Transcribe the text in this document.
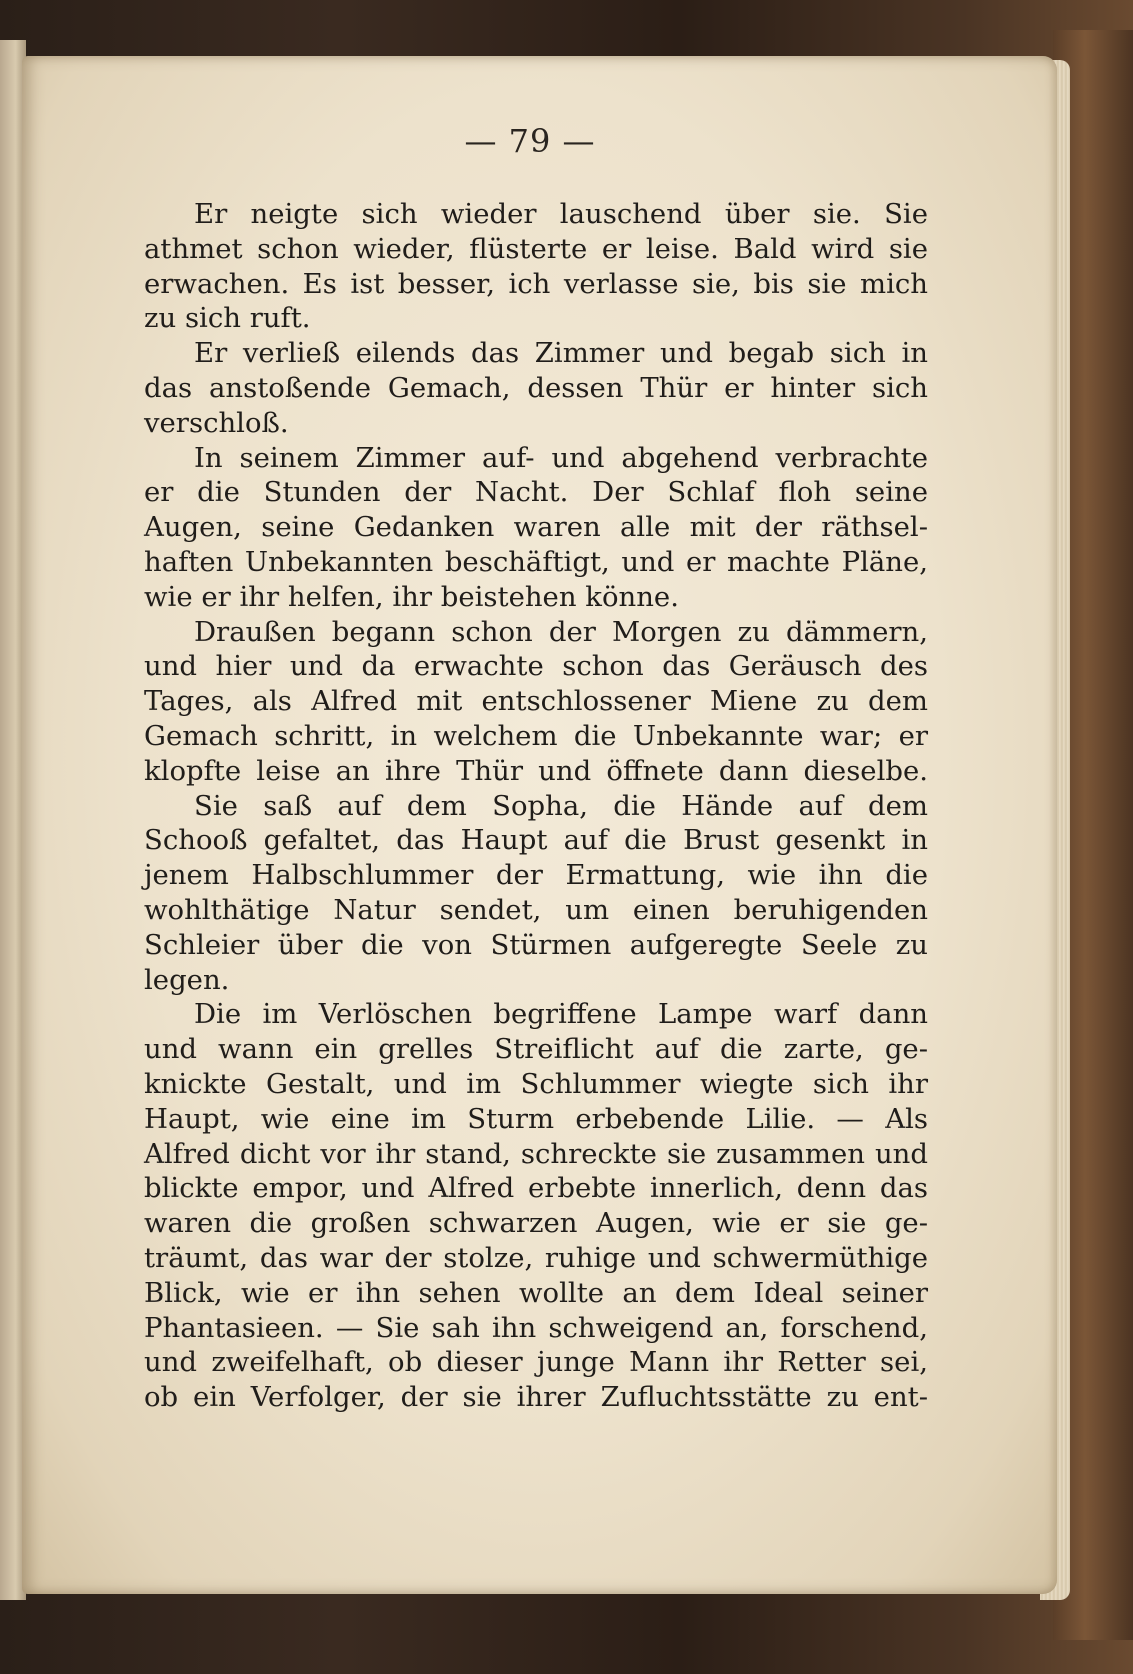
— 79 —
Er neigte sich wieder lauschend über sie. Sie
athmet schon wieder, flüsterte er leise. Bald wird sie
erwachen. Es ist besser, ich verlasse sie, bis sie mich
zu sich ruft.
Er verließ eilends das Zimmer und begab sich in
das anstoßende Gemach, dessen Thür er hinter sich
verschloß.
In seinem Zimmer auf- und abgehend verbrachte
er die Stunden der Nacht. Der Schlaf floh seine
Augen, seine Gedanken waren alle mit der räthsel-
haften Unbekannten beschäftigt, und er machte Pläne,
wie er ihr helfen, ihr beistehen könne.
Draußen begann schon der Morgen zu dämmern,
und hier und da erwachte schon das Geräusch des
Tages, als Alfred mit entschlossener Miene zu dem
Gemach schritt, in welchem die Unbekannte war; er
klopfte leise an ihre Thür und öffnete dann dieselbe.
Sie saß auf dem Sopha, die Hände auf dem
Schooß gefaltet, das Haupt auf die Brust gesenkt in
jenem Halbschlummer der Ermattung, wie ihn die
wohlthätige Natur sendet, um einen beruhigenden
Schleier über die von Stürmen aufgeregte Seele zu
legen.
Die im Verlöschen begriffene Lampe warf dann
und wann ein grelles Streiflicht auf die zarte, ge-
knickte Gestalt, und im Schlummer wiegte sich ihr
Haupt, wie eine im Sturm erbebende Lilie. — Als
Alfred dicht vor ihr stand, schreckte sie zusammen und
blickte empor, und Alfred erbebte innerlich, denn das
waren die großen schwarzen Augen, wie er sie ge-
träumt, das war der stolze, ruhige und schwermüthige
Blick, wie er ihn sehen wollte an dem Ideal seiner
Phantasieen. — Sie sah ihn schweigend an, forschend,
und zweifelhaft, ob dieser junge Mann ihr Retter sei,
ob ein Verfolger, der sie ihrer Zufluchtsstätte zu ent-
